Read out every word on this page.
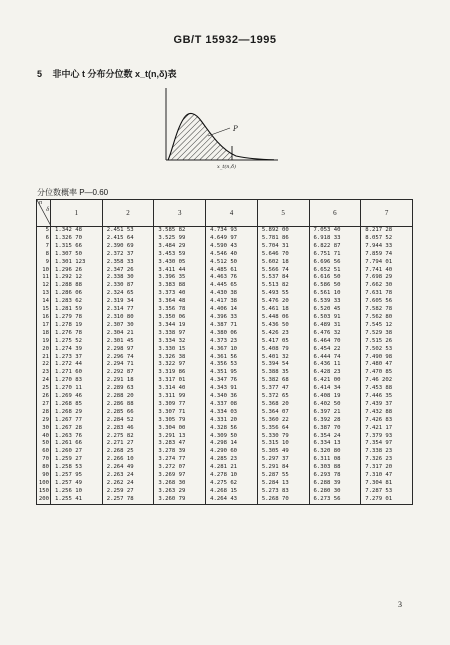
GB/T 15932—1995
5 非中心 t 分布分位数 x_t(n,δ)表
P
x_t(n,δ)
分位数概率 P—0.60
δ
n	1	2	3	4	5	6	7
5	1.342 48	2.451 53	3.585 82	4.734 93	5.892 00	7.053 40	8.217 28
6	1.326 70	2.415 64	3.525 99	4.649 97	5.781 86	6.918 33	8.057 52
7	1.315 66	2.390 69	3.484 29	4.590 43	5.704 31	6.822 87	7.944 33
8	1.307 50	2.372 37	3.453 59	4.546 40	5.646 70	6.751 71	7.859 74
9	1.301 123	2.358 33	3.430 05	4.512 50	5.602 18	6.696 56	7.794 01
10	1.296 26	2.347 26	3.411 44	4.485 61	5.566 74	6.652 51	7.741 40
11	1.292 12	2.338 30	3.396 35	4.463 76	5.537 84	6.616 50	7.698 29
12	1.288 88	2.330 87	3.383 88	4.445 65	5.513 82	6.586 50	7.662 30
13	1.286 06	2.324 65	3.373 40	4.430 38	5.493 55	6.561 10	7.631 78
14	1.283 62	2.319 34	3.364 48	4.417 38	5.476 20	6.539 33	7.605 56
15	1.281 59	2.314 77	3.356 78	4.406 14	5.461 18	6.520 45	7.582 78
16	1.279 78	2.310 80	3.350 06	4.396 33	5.448 06	6.503 91	7.562 80
17	1.278 19	2.307 30	3.344 19	4.387 71	5.436 50	6.489 31	7.545 12
18	1.276 78	2.304 21	3.338 97	4.380 06	5.426 23	6.476 32	7.529 38
19	1.275 52	2.301 45	3.334 32	4.373 23	5.417 05	6.464 70	7.515 26
20	1.274 39	2.298 97	3.330 15	4.367 10	5.408 79	6.454 22	7.502 53
21	1.273 37	2.296 74	3.326 38	4.361 56	5.401 32	6.444 74	7.490 98
22	1.272 44	2.294 71	3.322 97	4.356 53	5.394 54	6.436 11	7.480 47
23	1.271 60	2.292 87	3.319 86	4.351 95	5.388 35	6.428 23	7.470 85
24	1.270 83	2.291 18	3.317 01	4.347 76	5.382 68	6.421 00	7.46 202
25	1.270 11	2.289 63	3.314 40	4.343 91	5.377 47	6.414 34	7.453 88
26	1.269 46	2.288 20	3.311 99	4.340 36	5.372 65	6.408 19	7.446 35
27	1.268 85	2.286 88	3.309 77	4.337 08	5.368 20	6.402 50	7.439 37
28	1.268 29	2.285 66	3.307 71	4.334 03	5.364 07	6.397 21	7.432 88
29	1.267 77	2.284 52	3.305 79	4.331 20	5.360 22	6.392 28	7.426 83
30	1.267 28	2.283 46	3.304 00	4.328 56	5.356 64	6.387 70	7.421 17
40	1.263 76	2.275 82	3.291 13	4.309 50	5.330 79	6.354 24	7.379 93
50	1.261 66	2.271 27	3.283 47	4.298 14	5.315 10	6.334 13	7.354 97
60	1.260 27	2.268 25	3.278 39	4.290 60	5.305 49	6.320 80	7.338 23
70	1.259 27	2.266 10	3.274 77	4.285 23	5.297 37	6.311 08	7.326 23
80	1.258 53	2.264 49	3.272 07	4.281 21	5.291 84	6.303 88	7.317 20
90	1.257 95	2.263 24	3.269 97	4.278 10	5.287 55	6.293 78	7.310 47
100	1.257 49	2.262 24	3.268 30	4.275 62	5.284 13	6.288 39	7.304 81
150	1.256 10	2.259 27	3.263 29	4.268 15	5.273 83	6.280 30	7.287 53
200	1.255 41	2.257 78	3.260 79	4.264 43	5.268 70	6.273 56	7.279 01
3
